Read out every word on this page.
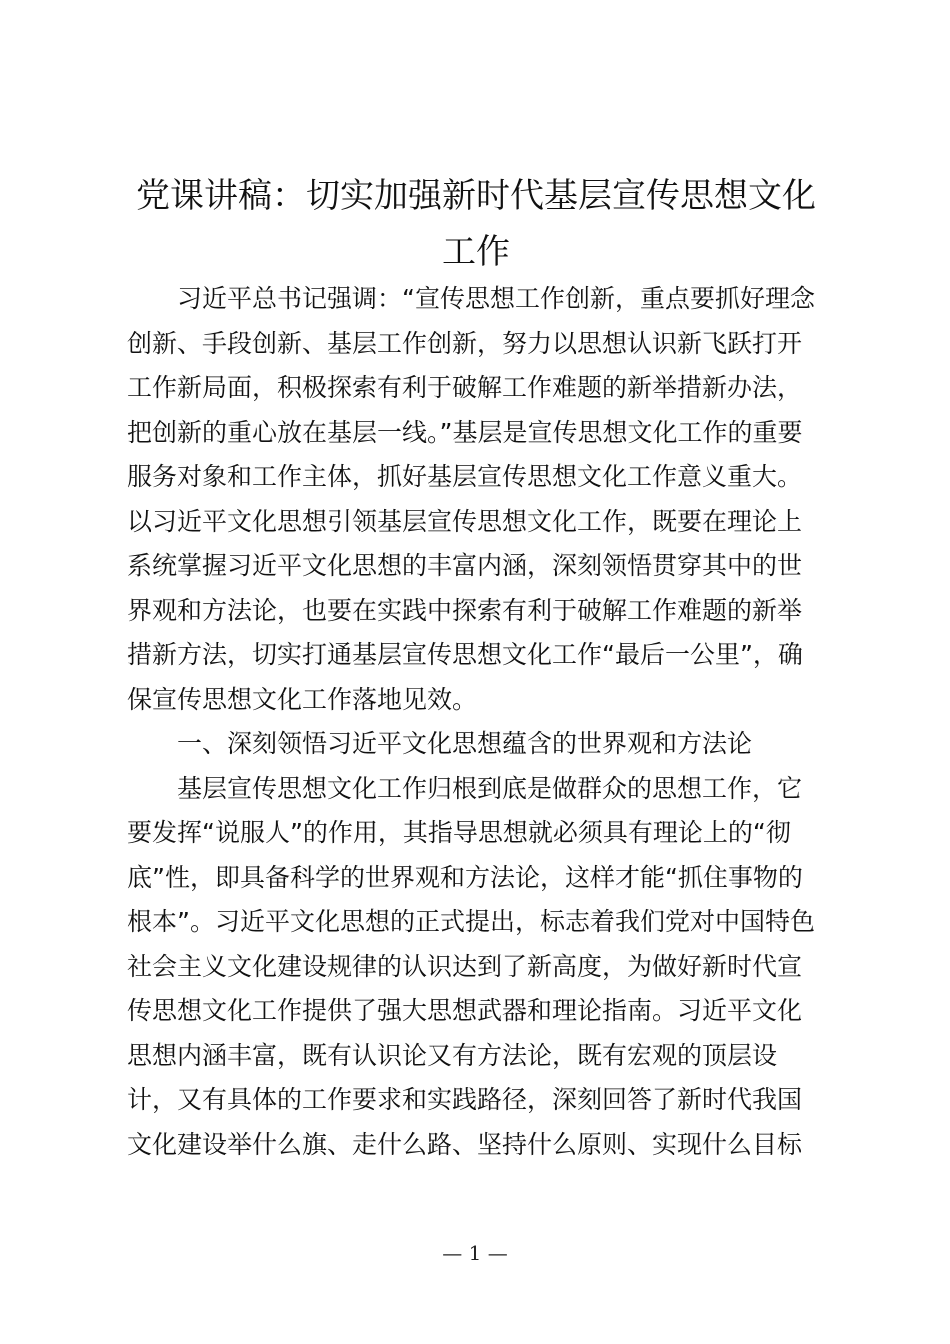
党课讲稿：切实加强新时代基层宣传思想文化
工作
习近平总书记强调：“宣传思想工作创新，重点要抓好理念
创新、手段创新、基层工作创新，努力以思想认识新飞跃打开
工作新局面，积极探索有利于破解工作难题的新举措新办法，
把创新的重心放在基层一线。”基层是宣传思想文化工作的重要
服务对象和工作主体，抓好基层宣传思想文化工作意义重大。
以习近平文化思想引领基层宣传思想文化工作，既要在理论上
系统掌握习近平文化思想的丰富内涵，深刻领悟贯穿其中的世
界观和方法论，也要在实践中探索有利于破解工作难题的新举
措新方法，切实打通基层宣传思想文化工作“最后一公里”，确
保宣传思想文化工作落地见效。
一、深刻领悟习近平文化思想蕴含的世界观和方法论
基层宣传思想文化工作归根到底是做群众的思想工作，它
要发挥“说服人”的作用，其指导思想就必须具有理论上的“彻
底”性，即具备科学的世界观和方法论，这样才能“抓住事物的
根本”。习近平文化思想的正式提出，标志着我们党对中国特色
社会主义文化建设规律的认识达到了新高度，为做好新时代宣
传思想文化工作提供了强大思想武器和理论指南。习近平文化
思想内涵丰富，既有认识论又有方法论，既有宏观的顶层设
计，又有具体的工作要求和实践路径，深刻回答了新时代我国
文化建设举什么旗、走什么路、坚持什么原则、实现什么目标
— 1 —
